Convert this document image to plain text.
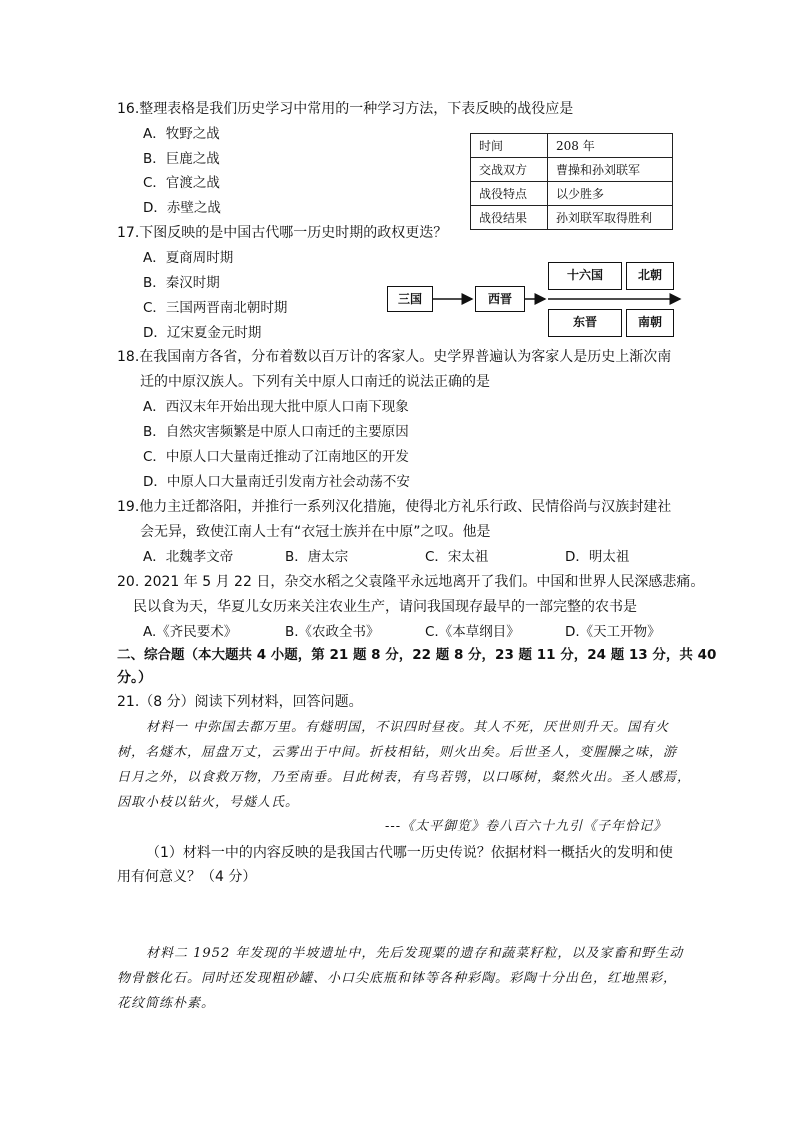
16.整理表格是我们历史学习中常用的一种学习方法，下表反映的战役应是
A．牧野之战
B．巨鹿之战
C．官渡之战
D．赤壁之战
时间	208 年
交战双方	曹操和孙刘联军
战役特点	以少胜多
战役结果	孙刘联军取得胜利
17.下图反映的是中国古代哪一历史时期的政权更迭？
A．夏商周时期
B．秦汉时期
C．三国两晋南北朝时期
D．辽宋夏金元时期
三国	西晋
十六国	北朝
东晋	南朝
18.在我国南方各省，分布着数以百万计的客家人。史学界普遍认为客家人是历史上渐次南
迁的中原汉族人。下列有关中原人口南迁的说法正确的是
A．西汉末年开始出现大批中原人口南下现象
B．自然灾害频繁是中原人口南迁的主要原因
C．中原人口大量南迁推动了江南地区的开发
D．中原人口大量南迁引发南方社会动荡不安
19.他力主迁都洛阳，并推行一系列汉化措施，使得北方礼乐行政、民情俗尚与汉族封建社
会无异，致使江南人士有“衣冠士族并在中原”之叹。他是
A．北魏孝文帝	B．唐太宗	C．宋太祖	D．明太祖
20. 2021 年 5 月 22 日，杂交水稻之父袁隆平永远地离开了我们。中国和世界人民深感悲痛。
民以食为天，华夏儿女历来关注农业生产，请问我国现存最早的一部完整的农书是
A.《齐民要术》	B.《农政全书》	C.《本草纲目》	D.《天工开物》
二、综合题（本大题共 4 小题，第 21 题 8 分，22 题 8 分，23 题 11 分，24 题 13 分，共 40
分。）
21.（8 分）阅读下列材料，回答问题。
材料一 中弥国去都万里。有燧明国，不识四时昼夜。其人不死，厌世则升天。国有火
树，名燧木，屈盘万丈，云雾出于中间。折枝相钻，则火出矣。后世圣人，变腥臊之味，游
日月之外，以食救万物，乃至南垂。目此树表，有鸟若鸮，以口啄树，粲然火出。圣人感焉，
因取小枝以钻火，号燧人氏。
---《太平御览》卷八百六十九引《子年恰记》
（1）材料一中的内容反映的是我国古代哪一历史传说？依据材料一概括火的发明和使
用有何意义？（4 分）
材料二 1952 年发现的半坡遗址中，先后发现粟的遗存和蔬菜籽粒，以及家畜和野生动
物骨骸化石。同时还发现粗砂罐、小口尖底瓶和钵等各种彩陶。彩陶十分出色，红地黑彩，
花纹简练朴素。
